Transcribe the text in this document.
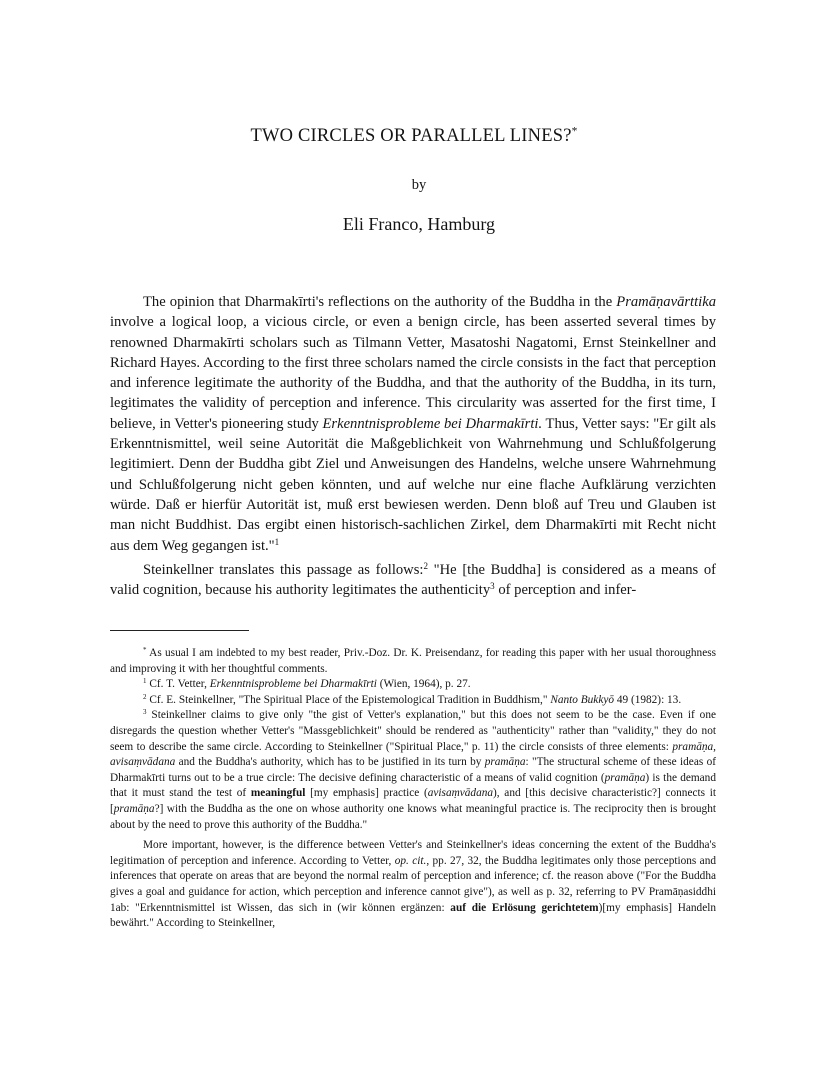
TWO CIRCLES OR PARALLEL LINES?*
by
Eli Franco, Hamburg

The opinion that Dharmakīrti's reflections on the authority of the Buddha in the Pramāṇavārttika involve a logical loop, a vicious circle, or even a benign circle, has been asserted several times by renowned Dharmakīrti scholars such as Tilmann Vetter, Masatoshi Nagatomi, Ernst Steinkellner and Richard Hayes. According to the first three scholars named the circle consists in the fact that perception and inference legitimate the authority of the Buddha, and that the authority of the Buddha, in its turn, legitimates the validity of perception and inference. This circularity was asserted for the first time, I believe, in Vetter's pioneering study Erkenntnisprobleme bei Dharmakīrti. Thus, Vetter says: "Er gilt als Erkenntnismittel, weil seine Autorität die Maßgeblichkeit von Wahrnehmung und Schlußfolgerung legitimiert. Denn der Buddha gibt Ziel und Anweisungen des Handelns, welche unsere Wahrnehmung und Schlußfolgerung nicht geben könnten, und auf welche nur eine flache Aufklärung verzichten würde. Daß er hierfür Autorität ist, muß erst bewiesen werden. Denn bloß auf Treu und Glauben ist man nicht Buddhist. Das ergibt einen historisch-sachlichen Zirkel, dem Dharmakīrti mit Recht nicht aus dem Weg gegangen ist."$^1$

Steinkellner translates this passage as follows:$^2$ "He [the Buddha] is considered as a means of valid cognition, because his authority legitimates the authenticity$^3$ of perception and infer-

* As usual I am indebted to my best reader, Priv.-Doz. Dr. K. Preisendanz, for reading this paper with her usual thoroughness and improving it with her thoughtful comments.

$^1$ Cf. T. Vetter, Erkenntnisprobleme bei Dharmakīrti (Wien, 1964), p. 27.

$^2$ Cf. E. Steinkellner, "The Spiritual Place of the Epistemological Tradition in Buddhism," Nanto Bukkyō 49 (1982): 13.

$^3$ Steinkellner claims to give only "the gist of Vetter's explanation," but this does not seem to be the case. Even if one disregards the question whether Vetter's "Massgeblichkeit" should be rendered as "authenticity" rather than "validity," they do not seem to describe the same circle. According to Steinkellner ("Spiritual Place," p. 11) the circle consists of three elements: pramāṇa, avisaṃvādana and the Buddha's authority, which has to be justified in its turn by pramāṇa: "The structural scheme of these ideas of Dharmakīrti turns out to be a true circle: The decisive defining characteristic of a means of valid cognition (pramāṇa) is the demand that it must stand the test of meaningful [my emphasis] practice (avisaṃvādana), and [this decisive characteristic?] connects it [pramāṇa?] with the Buddha as the one on whose authority one knows what meaningful practice is. The reciprocity then is brought about by the need to prove this authority of the Buddha."

More important, however, is the difference between Vetter's and Steinkellner's ideas concerning the extent of the Buddha's legitimation of perception and inference. According to Vetter, op. cit., pp. 27, 32, the Buddha legitimates only those perceptions and inferences that operate on areas that are beyond the normal realm of perception and inference; cf. the reason above ("For the Buddha gives a goal and guidance for action, which perception and inference cannot give"), as well as p. 32, referring to PV Pramāṇasiddhi 1ab: "Erkenntnismittel ist Wissen, das sich in (wir können ergänzen: auf die Erlösung gerichtetem)[my emphasis] Handeln bewährt." According to Steinkellner,
